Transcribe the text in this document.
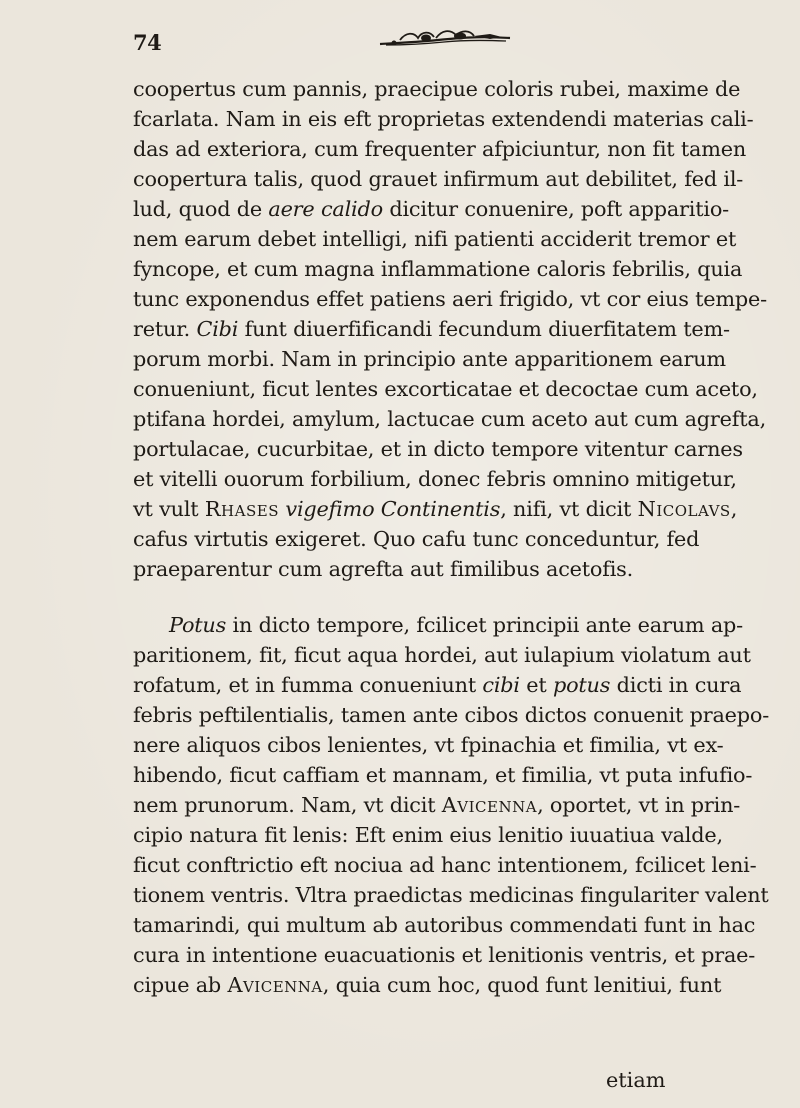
74
coopertus cum pannis, praecipue coloris rubei, maxime de
fcarlata. Nam in eis eft proprietas extendendi materias cali-
das ad exteriora, cum frequenter afpiciuntur, non fit tamen
coopertura talis, quod grauet infirmum aut debilitet, fed il-
lud, quod de aere calido dicitur conuenire, poft apparitio-
nem earum debet intelligi, nifi patienti acciderit tremor et
fyncope, et cum magna inflammatione caloris febrilis, quia
tunc exponendus effet patiens aeri frigido, vt cor eius tempe-
retur. Cibi funt diuerfificandi fecundum diuerfitatem tem-
porum morbi. Nam in principio ante apparitionem earum
conueniunt, ficut lentes excorticatae et decoctae cum aceto,
ptifana hordei, amylum, lactucae cum aceto aut cum agrefta,
portulacae, cucurbitae, et in dicto tempore vitentur carnes
et vitelli ouorum forbilium, donec febris omnino mitigetur,
vt vult Rhases vigefimo Continentis, nifi, vt dicit Nicolavs,
cafus virtutis exigeret. Quo cafu tunc conceduntur, fed
praeparentur cum agrefta aut fimilibus acetofis.
Potus in dicto tempore, fcilicet principii ante earum ap-
paritionem, fit, ficut aqua hordei, aut iulapium violatum aut
rofatum, et in fumma conueniunt cibi et potus dicti in cura
febris peftilentialis, tamen ante cibos dictos conuenit praepo-
nere aliquos cibos lenientes, vt fpinachia et fimilia, vt ex-
hibendo, ficut caffiam et mannam, et fimilia, vt puta infufio-
nem prunorum. Nam, vt dicit Avicenna, oportet, vt in prin-
cipio natura fit lenis: Eft enim eius lenitio iuuatiua valde,
ficut conftrictio eft nociua ad hanc intentionem, fcilicet leni-
tionem ventris. Vltra praedictas medicinas fingulariter valent
tamarindi, qui multum ab autoribus commendati funt in hac
cura in intentione euacuationis et lenitionis ventris, et prae-
cipue ab Avicenna, quia cum hoc, quod funt lenitiui, funt
etiam
